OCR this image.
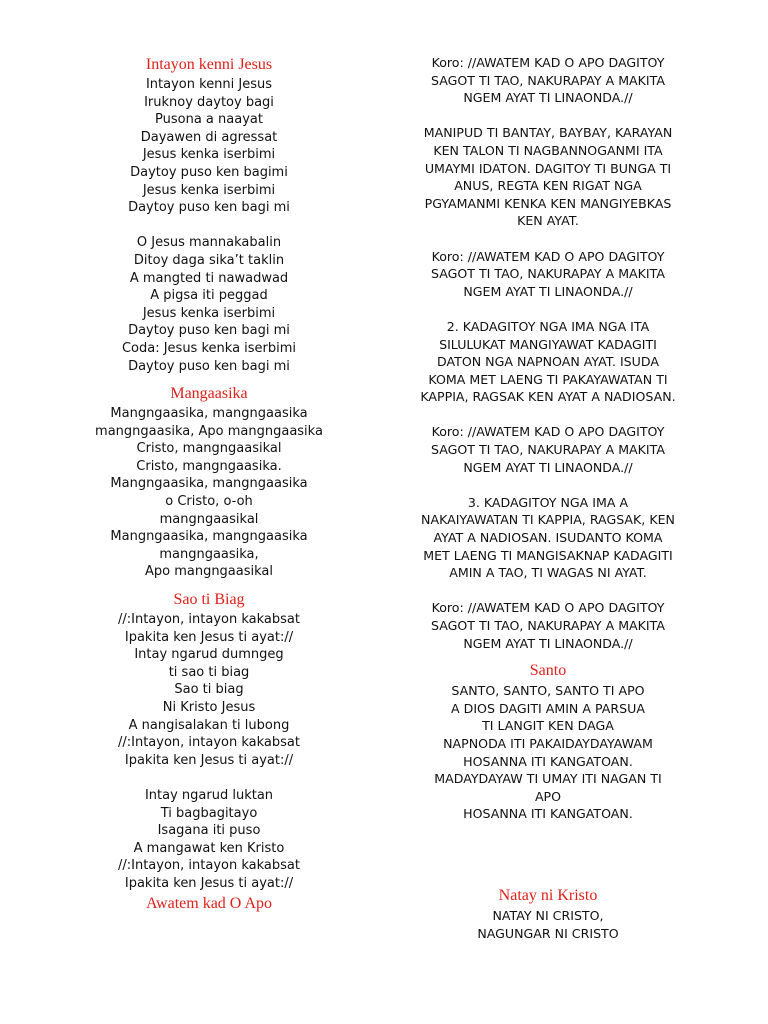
Intayon kenni Jesus
Intayon kenni Jesus
Iruknoy daytoy bagi
Pusona a naayat
Dayawen di agressat
Jesus kenka iserbimi
Daytoy puso ken bagimi
Jesus kenka iserbimi
Daytoy puso ken bagi mi
O Jesus mannakabalin
Ditoy daga sika’t taklin
A mangted ti nawadwad
A pigsa iti peggad
Jesus kenka iserbimi
Daytoy puso ken bagi mi
Coda: Jesus kenka iserbimi
Daytoy puso ken bagi mi
Mangaasika
Mangngaasika, mangngaasika
mangngaasika, Apo mangngaasika
Cristo, mangngaasikal
Cristo, mangngaasika.
Mangngaasika, mangngaasika
o Cristo, o-oh
mangngaasikal
Mangngaasika, mangngaasika
mangngaasika,
Apo mangngaasikal
Sao ti Biag
//:Intayon, intayon kakabsat
Ipakita ken Jesus ti ayat://
Intay ngarud dumngeg
ti sao ti biag
Sao ti biag
Ni Kristo Jesus
A nangisalakan ti lubong
//:Intayon, intayon kakabsat
Ipakita ken Jesus ti ayat://
Intay ngarud luktan
Ti bagbagitayo
Isagana iti puso
A mangawat ken Kristo
//:Intayon, intayon kakabsat
Ipakita ken Jesus ti ayat://
Awatem kad O Apo
Koro: //AWATEM KAD O APO DAGITOY
SAGOT TI TAO, NAKURAPAY A MAKITA
NGEM AYAT TI LINAONDA.//
MANIPUD TI BANTAY, BAYBAY, KARAYAN
KEN TALON TI NAGBANNOGANMI ITA
UMAYMI IDATON. DAGITOY TI BUNGA TI
ANUS, REGTA KEN RIGAT NGA
PGYAMANMI KENKA KEN MANGIYEBKAS
KEN AYAT.
Koro: //AWATEM KAD O APO DAGITOY
SAGOT TI TAO, NAKURAPAY A MAKITA
NGEM AYAT TI LINAONDA.//
2. KADAGITOY NGA IMA NGA ITA
SILULUKAT MANGIYAWAT KADAGITI
DATON NGA NAPNOAN AYAT. ISUDA
KOMA MET LAENG TI PAKAYAWATAN TI
KAPPIA, RAGSAK KEN AYAT A NADIOSAN.
Koro: //AWATEM KAD O APO DAGITOY
SAGOT TI TAO, NAKURAPAY A MAKITA
NGEM AYAT TI LINAONDA.//
3. KADAGITOY NGA IMA A
NAKAIYAWATAN TI KAPPIA, RAGSAK, KEN
AYAT A NADIOSAN. ISUDANTO KOMA
MET LAENG TI MANGISAKNAP KADAGITI
AMIN A TAO, TI WAGAS NI AYAT.
Koro: //AWATEM KAD O APO DAGITOY
SAGOT TI TAO, NAKURAPAY A MAKITA
NGEM AYAT TI LINAONDA.//
Santo
SANTO, SANTO, SANTO TI APO
A DIOS DAGITI AMIN A PARSUA
TI LANGIT KEN DAGA
NAPNODA ITI PAKAIDAYDAYAWAM
HOSANNA ITI KANGATOAN.
MADAYDAYAW TI UMAY ITI NAGAN TI
APO
HOSANNA ITI KANGATOAN.
Natay ni Kristo
NATAY NI CRISTO,
NAGUNGAR NI CRISTO
